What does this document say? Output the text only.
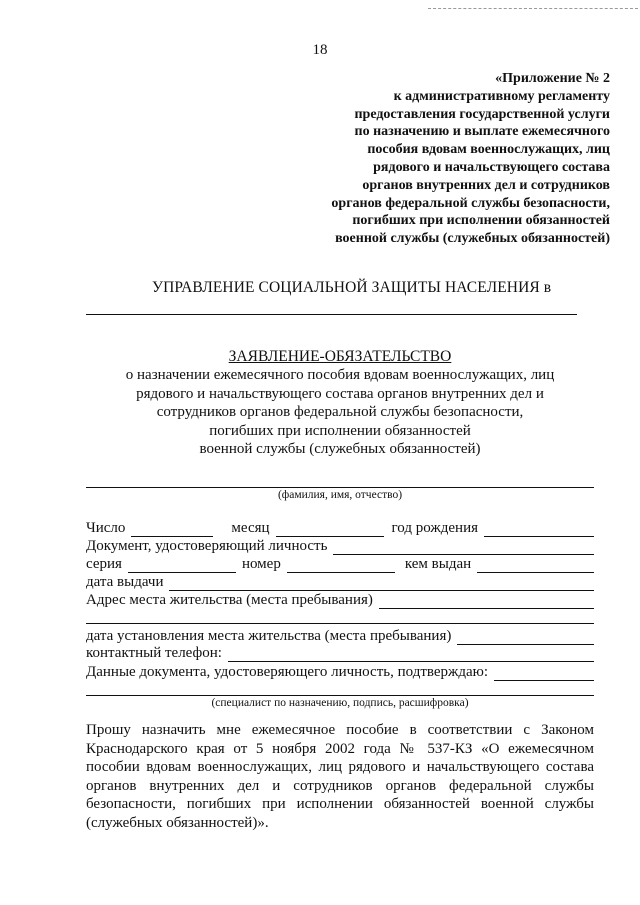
18
«Приложение № 2
к административному регламенту
предоставления государственной услуги
по назначению и выплате ежемесячного
пособия вдовам военнослужащих, лиц
рядового и начальствующего состава
органов внутренних дел и сотрудников
органов федеральной службы безопасности,
погибших при исполнении обязанностей
военной службы (служебных обязанностей)
УПРАВЛЕНИЕ СОЦИАЛЬНОЙ ЗАЩИТЫ НАСЕЛЕНИЯ в
ЗАЯВЛЕНИЕ-ОБЯЗАТЕЛЬСТВО
о назначении ежемесячного пособия вдовам военнослужащих, лиц
рядового и начальствующего состава органов внутренних дел и
сотрудников органов федеральной службы безопасности,
погибших при исполнении обязанностей
военной службы (служебных обязанностей)
(фамилия, имя, отчество)
Число	месяц	год рождения
Документ, удостоверяющий личность
серия	номер	кем выдан
дата выдачи
Адрес места жительства (места пребывания)
дата установления места жительства (места пребывания)
контактный телефон:
Данные документа, удостоверяющего личность, подтверждаю:
(специалист по назначению, подпись, расшифровка)
Прошу назначить мне ежемесячное пособие в соответствии с Законом Краснодарского края от 5 ноября 2002 года № 537-КЗ «О ежемесячном пособии вдовам военнослужащих, лиц рядового и начальствующего состава органов внутренних дел и сотрудников органов федеральной службы безопасности, погибших при исполнении обязанностей военной службы (служебных обязанностей)».
